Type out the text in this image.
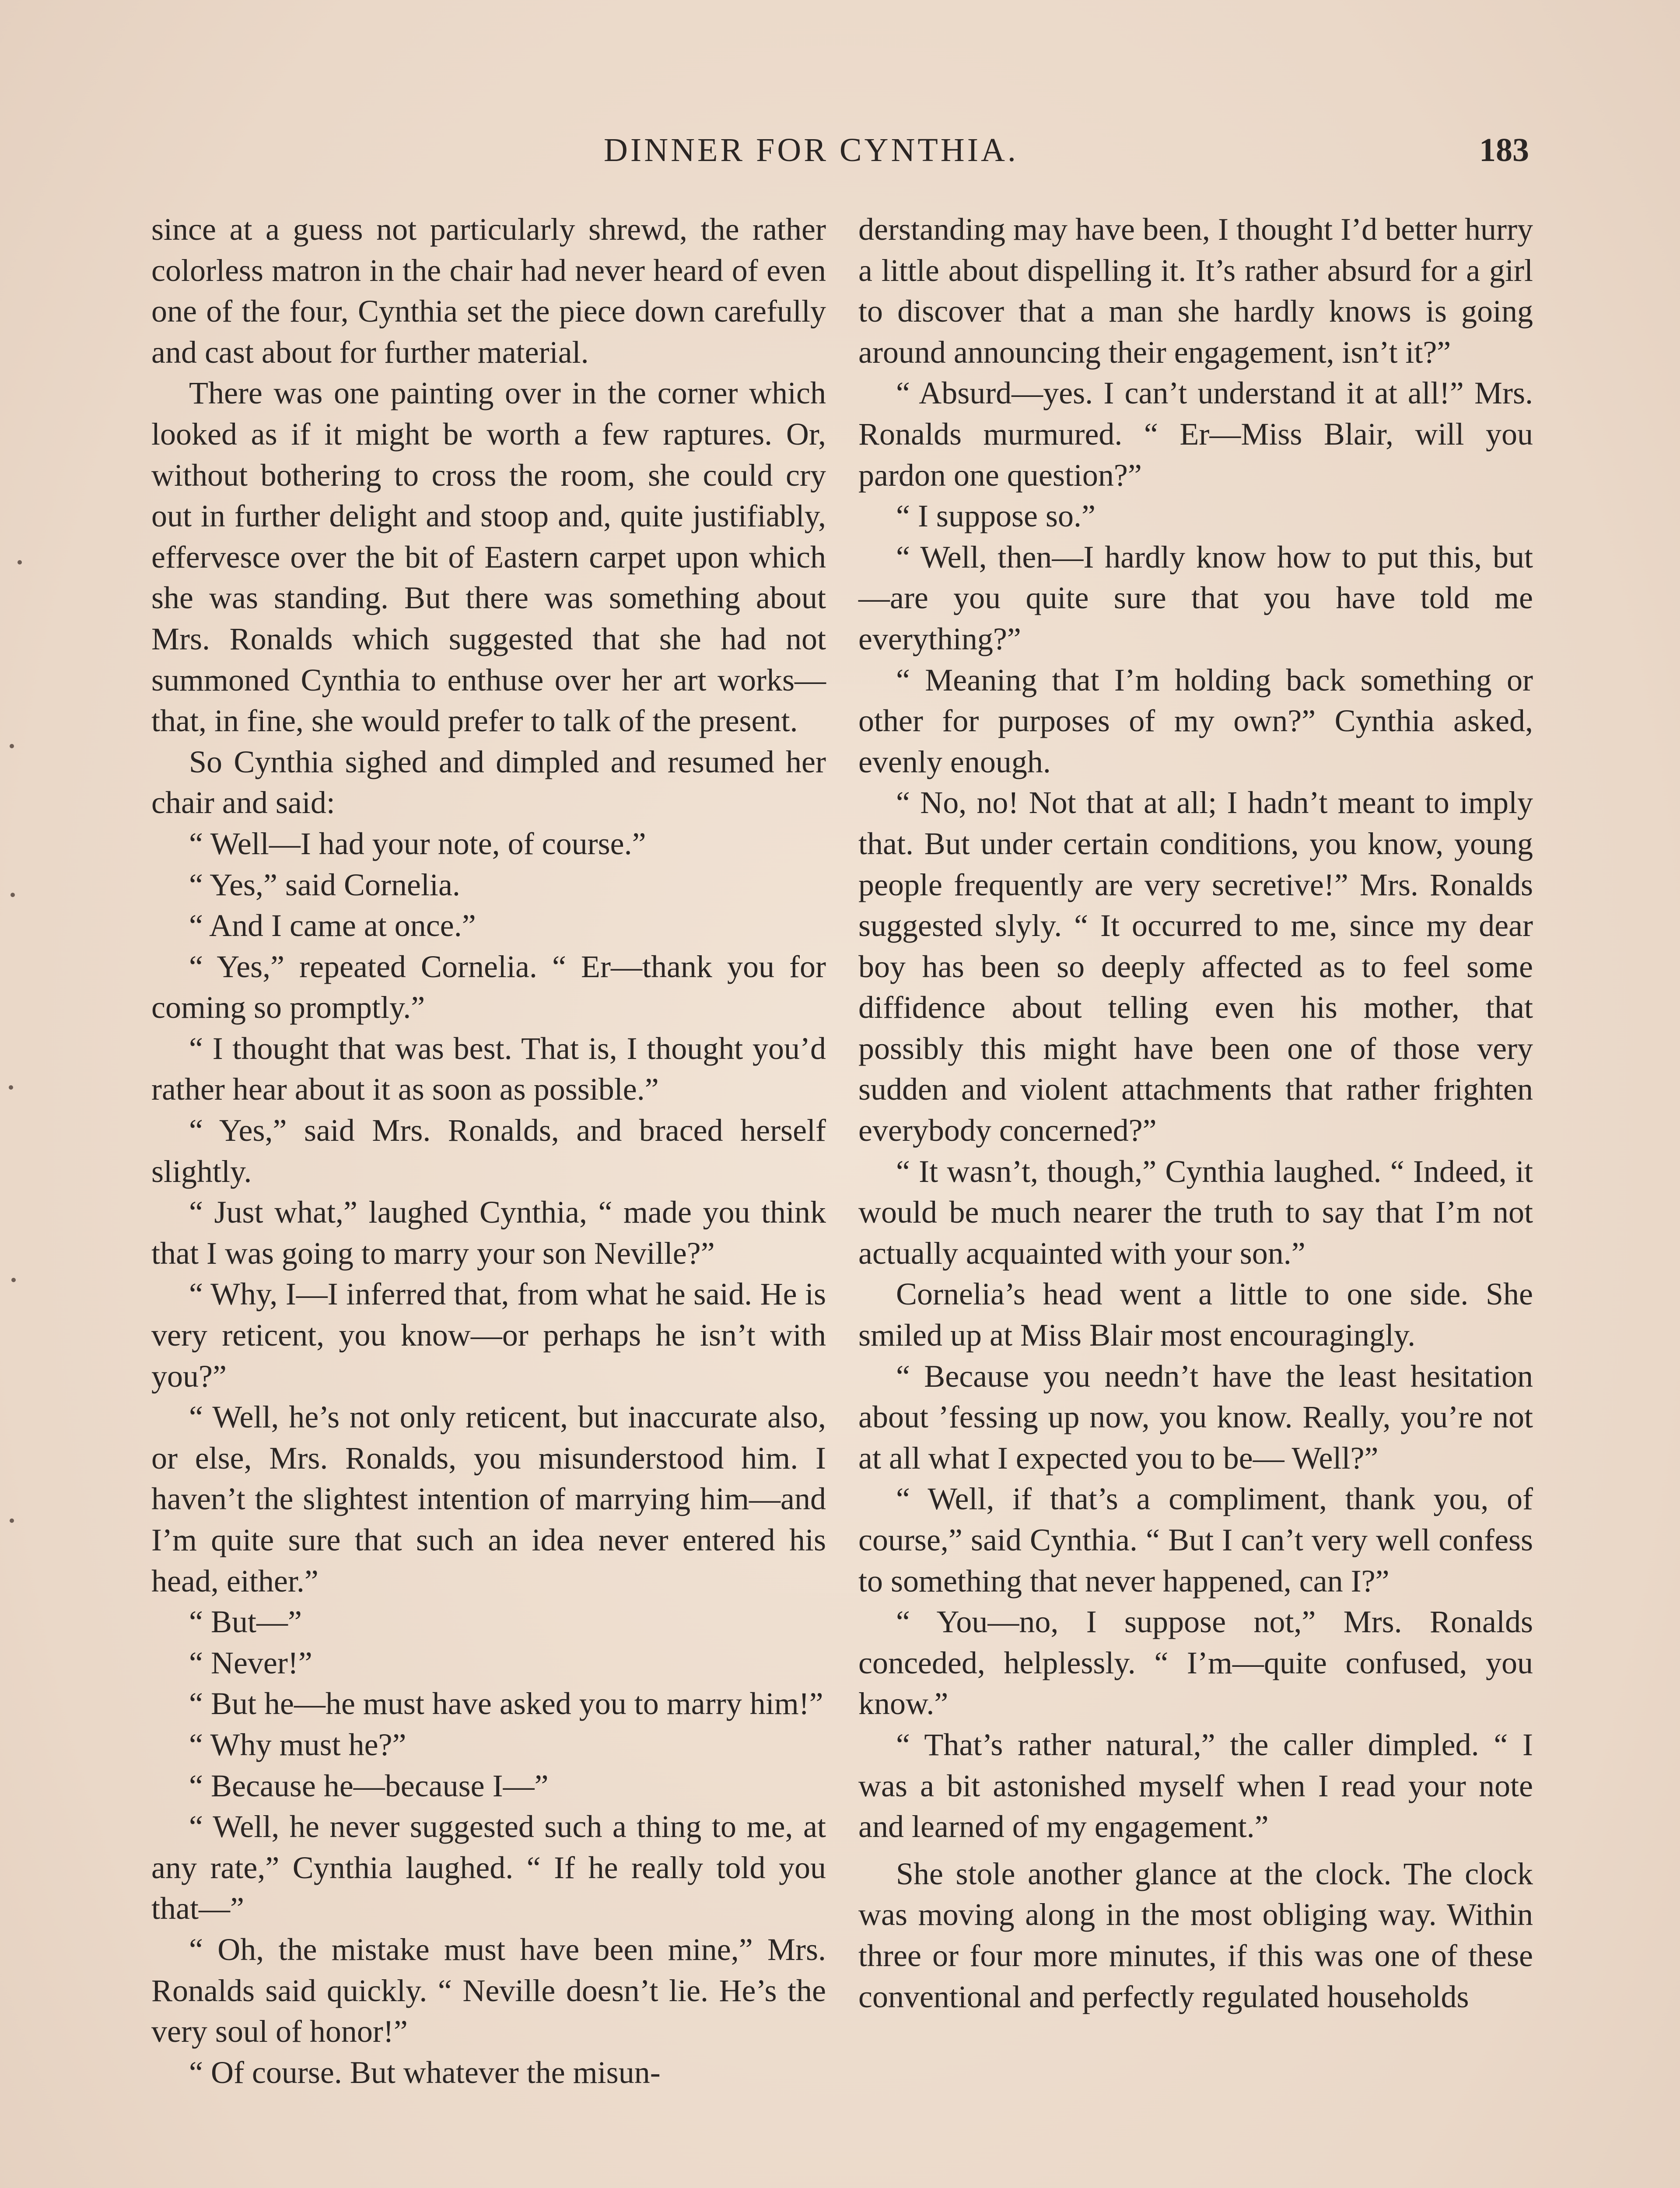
DINNER FOR CYNTHIA.	183

since at a guess not particularly shrewd, the rather colorless matron in the chair had never heard of even one of the four, Cynthia set the piece down carefully and cast about for further material.

There was one painting over in the corner which looked as if it might be worth a few raptures. Or, without bothering to cross the room, she could cry out in further delight and stoop and, quite justifiably, effervesce over the bit of Eastern carpet upon which she was standing. But there was something about Mrs. Ronalds which suggested that she had not summoned Cynthia to enthuse over her art works—that, in fine, she would prefer to talk of the present.

So Cynthia sighed and dimpled and resumed her chair and said:

“ Well—I had your note, of course.”

“ Yes,” said Cornelia.

“ And I came at once.”

“ Yes,” repeated Cornelia. “ Er—thank you for coming so promptly.”

“ I thought that was best. That is, I thought you’d rather hear about it as soon as possible.”

“ Yes,” said Mrs. Ronalds, and braced herself slightly.

“ Just what,” laughed Cynthia, “ made you think that I was going to marry your son Neville?”

“ Why, I—I inferred that, from what he said. He is very reticent, you know—or perhaps he isn’t with you?”

“ Well, he’s not only reticent, but inaccurate also, or else, Mrs. Ronalds, you misunderstood him. I haven’t the slightest intention of marrying him—and I’m quite sure that such an idea never entered his head, either.”

“ But—”

“ Never!”

“ But he—he must have asked you to marry him!”

“ Why must he?”

“ Because he—because I—”

“ Well, he never suggested such a thing to me, at any rate,” Cynthia laughed. “ If he really told you that—”

“ Oh, the mistake must have been mine,” Mrs. Ronalds said quickly. “ Neville doesn’t lie. He’s the very soul of honor!”

“ Of course. But whatever the misun-

derstanding may have been, I thought I’d better hurry a little about dispelling it. It’s rather absurd for a girl to discover that a man she hardly knows is going around announcing their engagement, isn’t it?”

“ Absurd—yes. I can’t understand it at all!” Mrs. Ronalds murmured. “ Er—Miss Blair, will you pardon one question?”

“ I suppose so.”

“ Well, then—I hardly know how to put this, but—are you quite sure that you have told me everything?”

“ Meaning that I’m holding back something or other for purposes of my own?” Cynthia asked, evenly enough.

“ No, no! Not that at all; I hadn’t meant to imply that. But under certain conditions, you know, young people frequently are very secretive!” Mrs. Ronalds suggested slyly. “ It occurred to me, since my dear boy has been so deeply affected as to feel some diffidence about telling even his mother, that possibly this might have been one of those very sudden and violent attachments that rather frighten everybody concerned?”

“ It wasn’t, though,” Cynthia laughed. “ Indeed, it would be much nearer the truth to say that I’m not actually acquainted with your son.”

Cornelia’s head went a little to one side. She smiled up at Miss Blair most encouragingly.

“ Because you needn’t have the least hesitation about ’fessing up now, you know. Really, you’re not at all what I expected you to be— Well?”

“ Well, if that’s a compliment, thank you, of course,” said Cynthia. “ But I can’t very well confess to something that never happened, can I?”

“ You—no, I suppose not,” Mrs. Ronalds conceded, helplessly. “ I’m—quite confused, you know.”

“ That’s rather natural,” the caller dimpled. “ I was a bit astonished myself when I read your note and learned of my engagement.”

She stole another glance at the clock. The clock was moving along in the most obliging way. Within three or four more minutes, if this was one of these conventional and perfectly regulated households
